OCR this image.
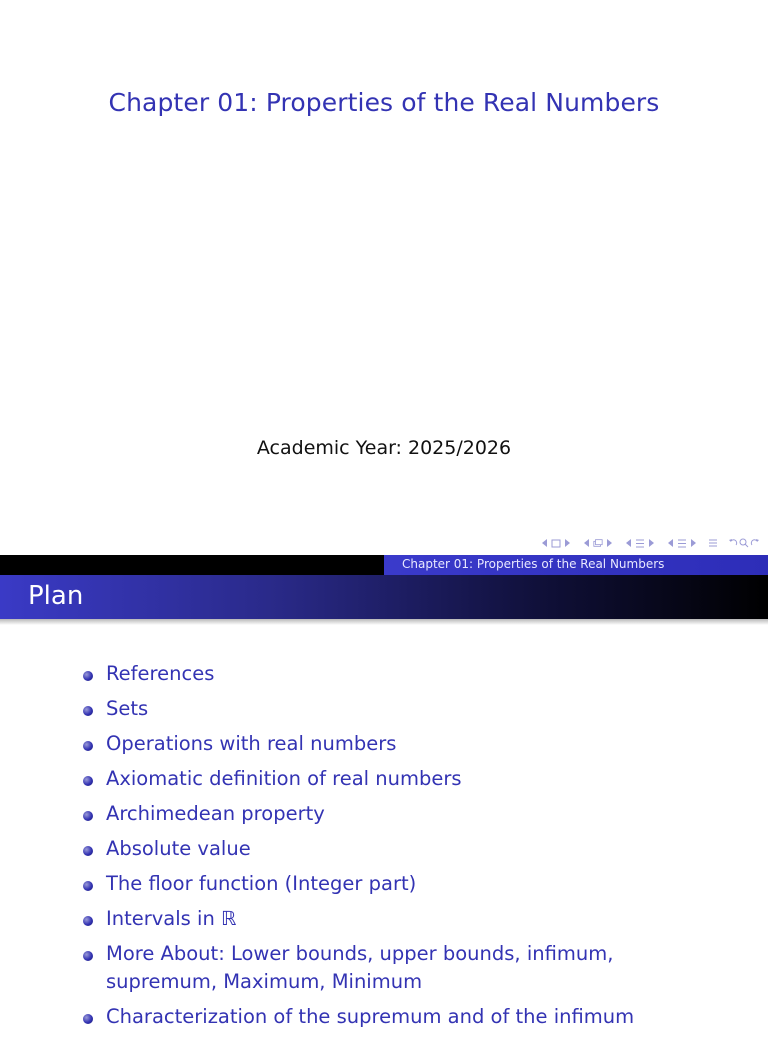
Chapter 01: Properties of the Real Numbers
Academic Year: 2025/2026
Chapter 01: Properties of the Real Numbers
Plan
References
Sets
Operations with real numbers
Axiomatic definition of real numbers
Archimedean property
Absolute value
The floor function (Integer part)
Intervals in ℝ
More About: Lower bounds, upper bounds, infimum, supremum, Maximum, Minimum
Characterization of the supremum and of the infimum
